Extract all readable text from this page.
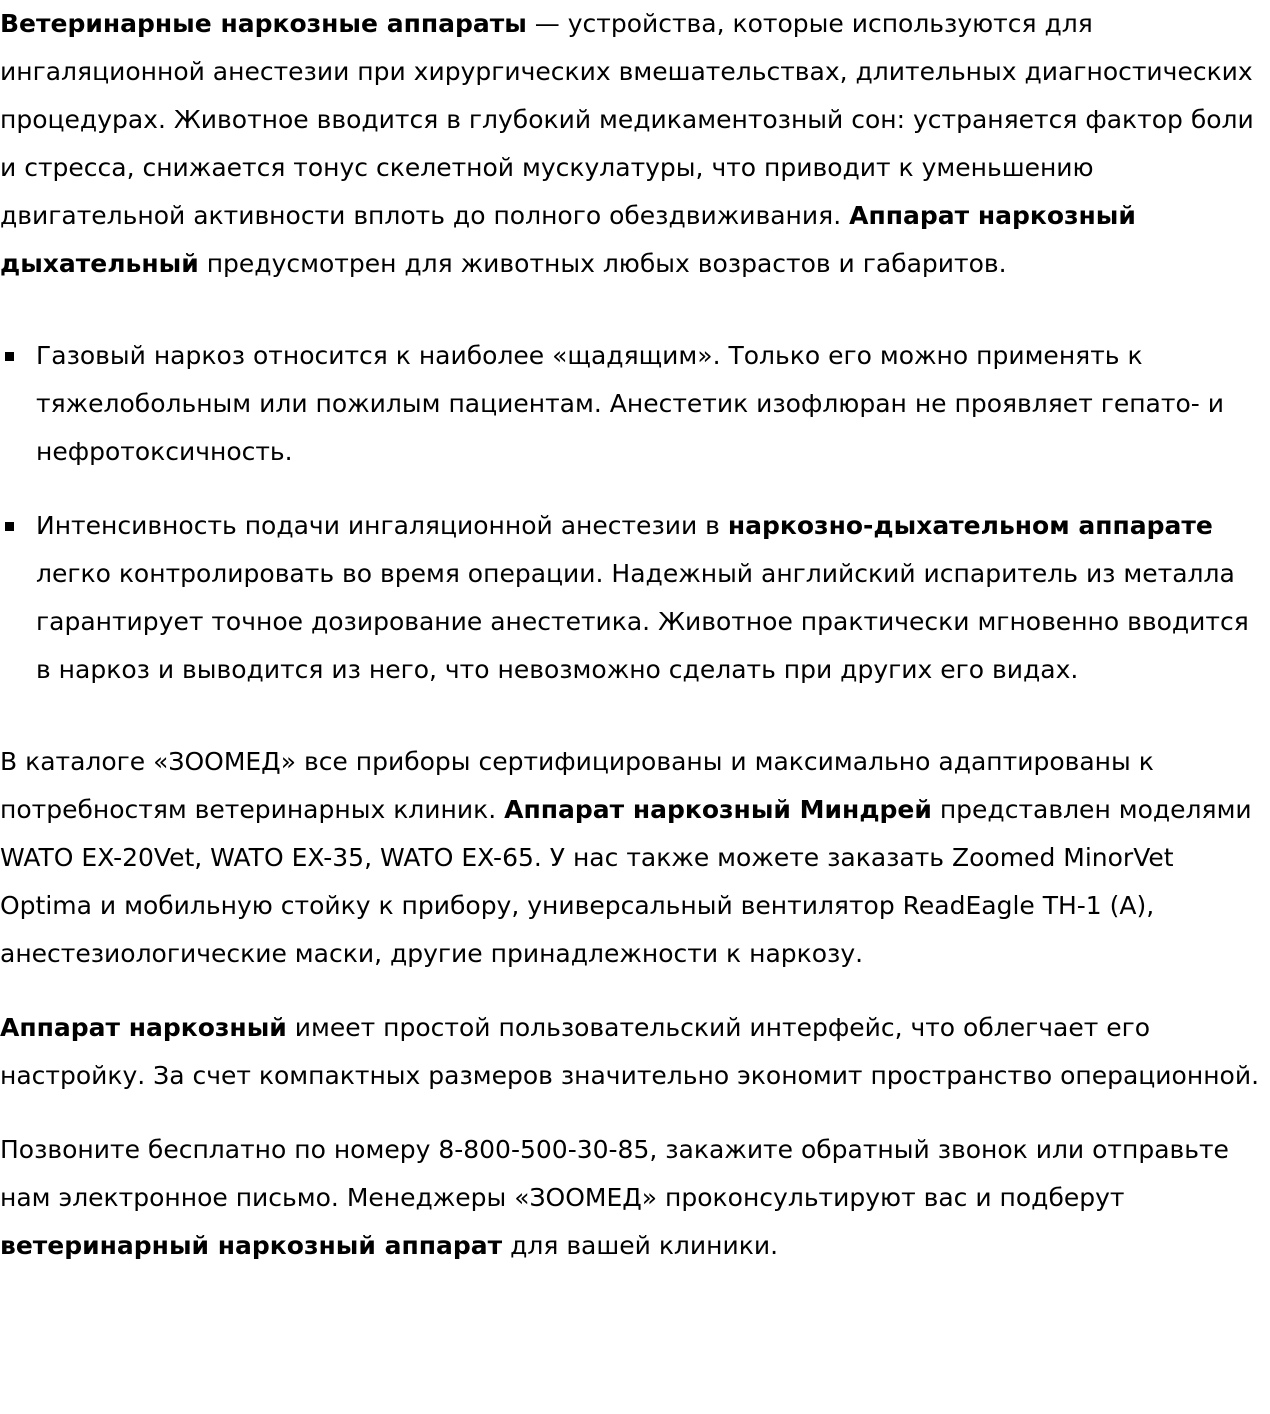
Ветеринарные наркозные аппараты — устройства, которые используются для ингаляционной анестезии при хирургических вмешательствах, длительных диагностических процедурах. Животное вводится в глубокий медикаментозный сон: устраняется фактор боли и стресса, снижается тонус скелетной мускулатуры, что приводит к уменьшению двигательной активности вплоть до полного обездвиживания. Аппарат наркозный дыхательный предусмотрен для животных любых возрастов и габаритов.

Газовый наркоз относится к наиболее «щадящим». Только его можно применять к тяжелобольным или пожилым пациентам. Анестетик изофлюран не проявляет гепато- и нефротоксичность.
Интенсивность подачи ингаляционной анестезии в наркозно-дыхательном аппарате легко контролировать во время операции. Надежный английский испаритель из металла гарантирует точное дозирование анестетика. Животное практически мгновенно вводится в наркоз и выводится из него, что невозможно сделать при других его видах.

В каталоге «ЗООМЕД» все приборы сертифицированы и максимально адаптированы к потребностям ветеринарных клиник. Аппарат наркозный Миндрей представлен моделями WATO EX-20Vet, WATO EX-35, WATO EX-65. У нас также можете заказать Zoomed MinorVet Optima и мобильную стойку к прибору, универсальный вентилятор ReadEagle TH-1 (A), анестезиологические маски, другие принадлежности к наркозу.

Аппарат наркозный имеет простой пользовательский интерфейс, что облегчает его настройку. За счет компактных размеров значительно экономит пространство операционной.

Позвоните бесплатно по номеру 8-800-500-30-85, закажите обратный звонок или отправьте нам электронное письмо. Менеджеры «ЗООМЕД» проконсультируют вас и подберут ветеринарный наркозный аппарат для вашей клиники.
